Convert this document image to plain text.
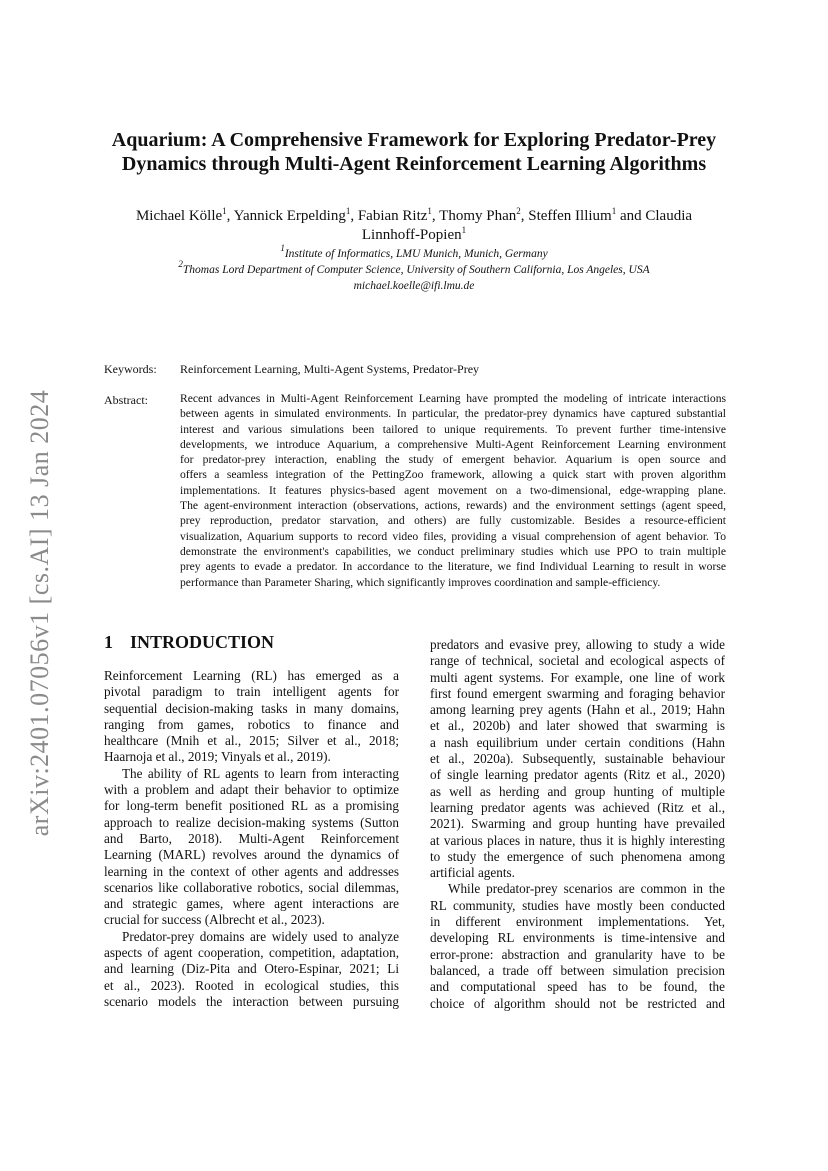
arXiv:2401.07056v1 [cs.AI] 13 Jan 2024
Aquarium: A Comprehensive Framework for Exploring Predator-Prey
Dynamics through Multi-Agent Reinforcement Learning Algorithms
Michael Kölle$^1$, Yannick Erpelding$^1$, Fabian Ritz$^1$, Thomy Phan$^2$, Steffen Illium$^1$ and Claudia
Linnhoff-Popien$^1$
$^1$Institute of Informatics, LMU Munich, Munich, Germany
$^2$Thomas Lord Department of Computer Science, University of Southern California, Los Angeles, USA
michael.koelle@ifi.lmu.de
Keywords: Reinforcement Learning, Multi-Agent Systems, Predator-Prey
Abstract:	Recent advances in Multi-Agent Reinforcement Learning have prompted the modeling of intricate interactions
between agents in simulated environments. In particular, the predator-prey dynamics have captured substantial
interest and various simulations been tailored to unique requirements. To prevent further time-intensive
developments, we introduce Aquarium, a comprehensive Multi-Agent Reinforcement Learning environment
for predator-prey interaction, enabling the study of emergent behavior. Aquarium is open source and
offers a seamless integration of the PettingZoo framework, allowing a quick start with proven algorithm
implementations. It features physics-based agent movement on a two-dimensional, edge-wrapping plane.
The agent-environment interaction (observations, actions, rewards) and the environment settings (agent speed,
prey reproduction, predator starvation, and others) are fully customizable. Besides a resource-efficient
visualization, Aquarium supports to record video files, providing a visual comprehension of agent behavior. To
demonstrate the environment's capabilities, we conduct preliminary studies which use PPO to train multiple
prey agents to evade a predator. In accordance to the literature, we find Individual Learning to result in worse
performance than Parameter Sharing, which significantly improves coordination and sample-efficiency.
1 INTRODUCTION
Reinforcement Learning (RL) has emerged as a
pivotal paradigm to train intelligent agents for
sequential decision-making tasks in many domains,
ranging from games, robotics to finance and
healthcare (Mnih et al., 2015; Silver et al., 2018;
Haarnoja et al., 2019; Vinyals et al., 2019).
The ability of RL agents to learn from interacting
with a problem and adapt their behavior to optimize
for long-term benefit positioned RL as a promising
approach to realize decision-making systems (Sutton
and Barto, 2018). Multi-Agent Reinforcement
Learning (MARL) revolves around the dynamics of
learning in the context of other agents and addresses
scenarios like collaborative robotics, social dilemmas,
and strategic games, where agent interactions are
crucial for success (Albrecht et al., 2023).
Predator-prey domains are widely used to analyze
aspects of agent cooperation, competition, adaptation,
and learning (Diz-Pita and Otero-Espinar, 2021; Li
et al., 2023). Rooted in ecological studies, this
scenario models the interaction between pursuing
predators and evasive prey, allowing to study a wide
range of technical, societal and ecological aspects of
multi agent systems. For example, one line of work
first found emergent swarming and foraging behavior
among learning prey agents (Hahn et al., 2019; Hahn
et al., 2020b) and later showed that swarming is
a nash equilibrium under certain conditions (Hahn
et al., 2020a). Subsequently, sustainable behaviour
of single learning predator agents (Ritz et al., 2020)
as well as herding and group hunting of multiple
learning predator agents was achieved (Ritz et al.,
2021). Swarming and group hunting have prevailed
at various places in nature, thus it is highly interesting
to study the emergence of such phenomena among
artificial agents.
While predator-prey scenarios are common in the
RL community, studies have mostly been conducted
in different environment implementations. Yet,
developing RL environments is time-intensive and
error-prone: abstraction and granularity have to be
balanced, a trade off between simulation precision
and computational speed has to be found, the
choice of algorithm should not be restricted and
